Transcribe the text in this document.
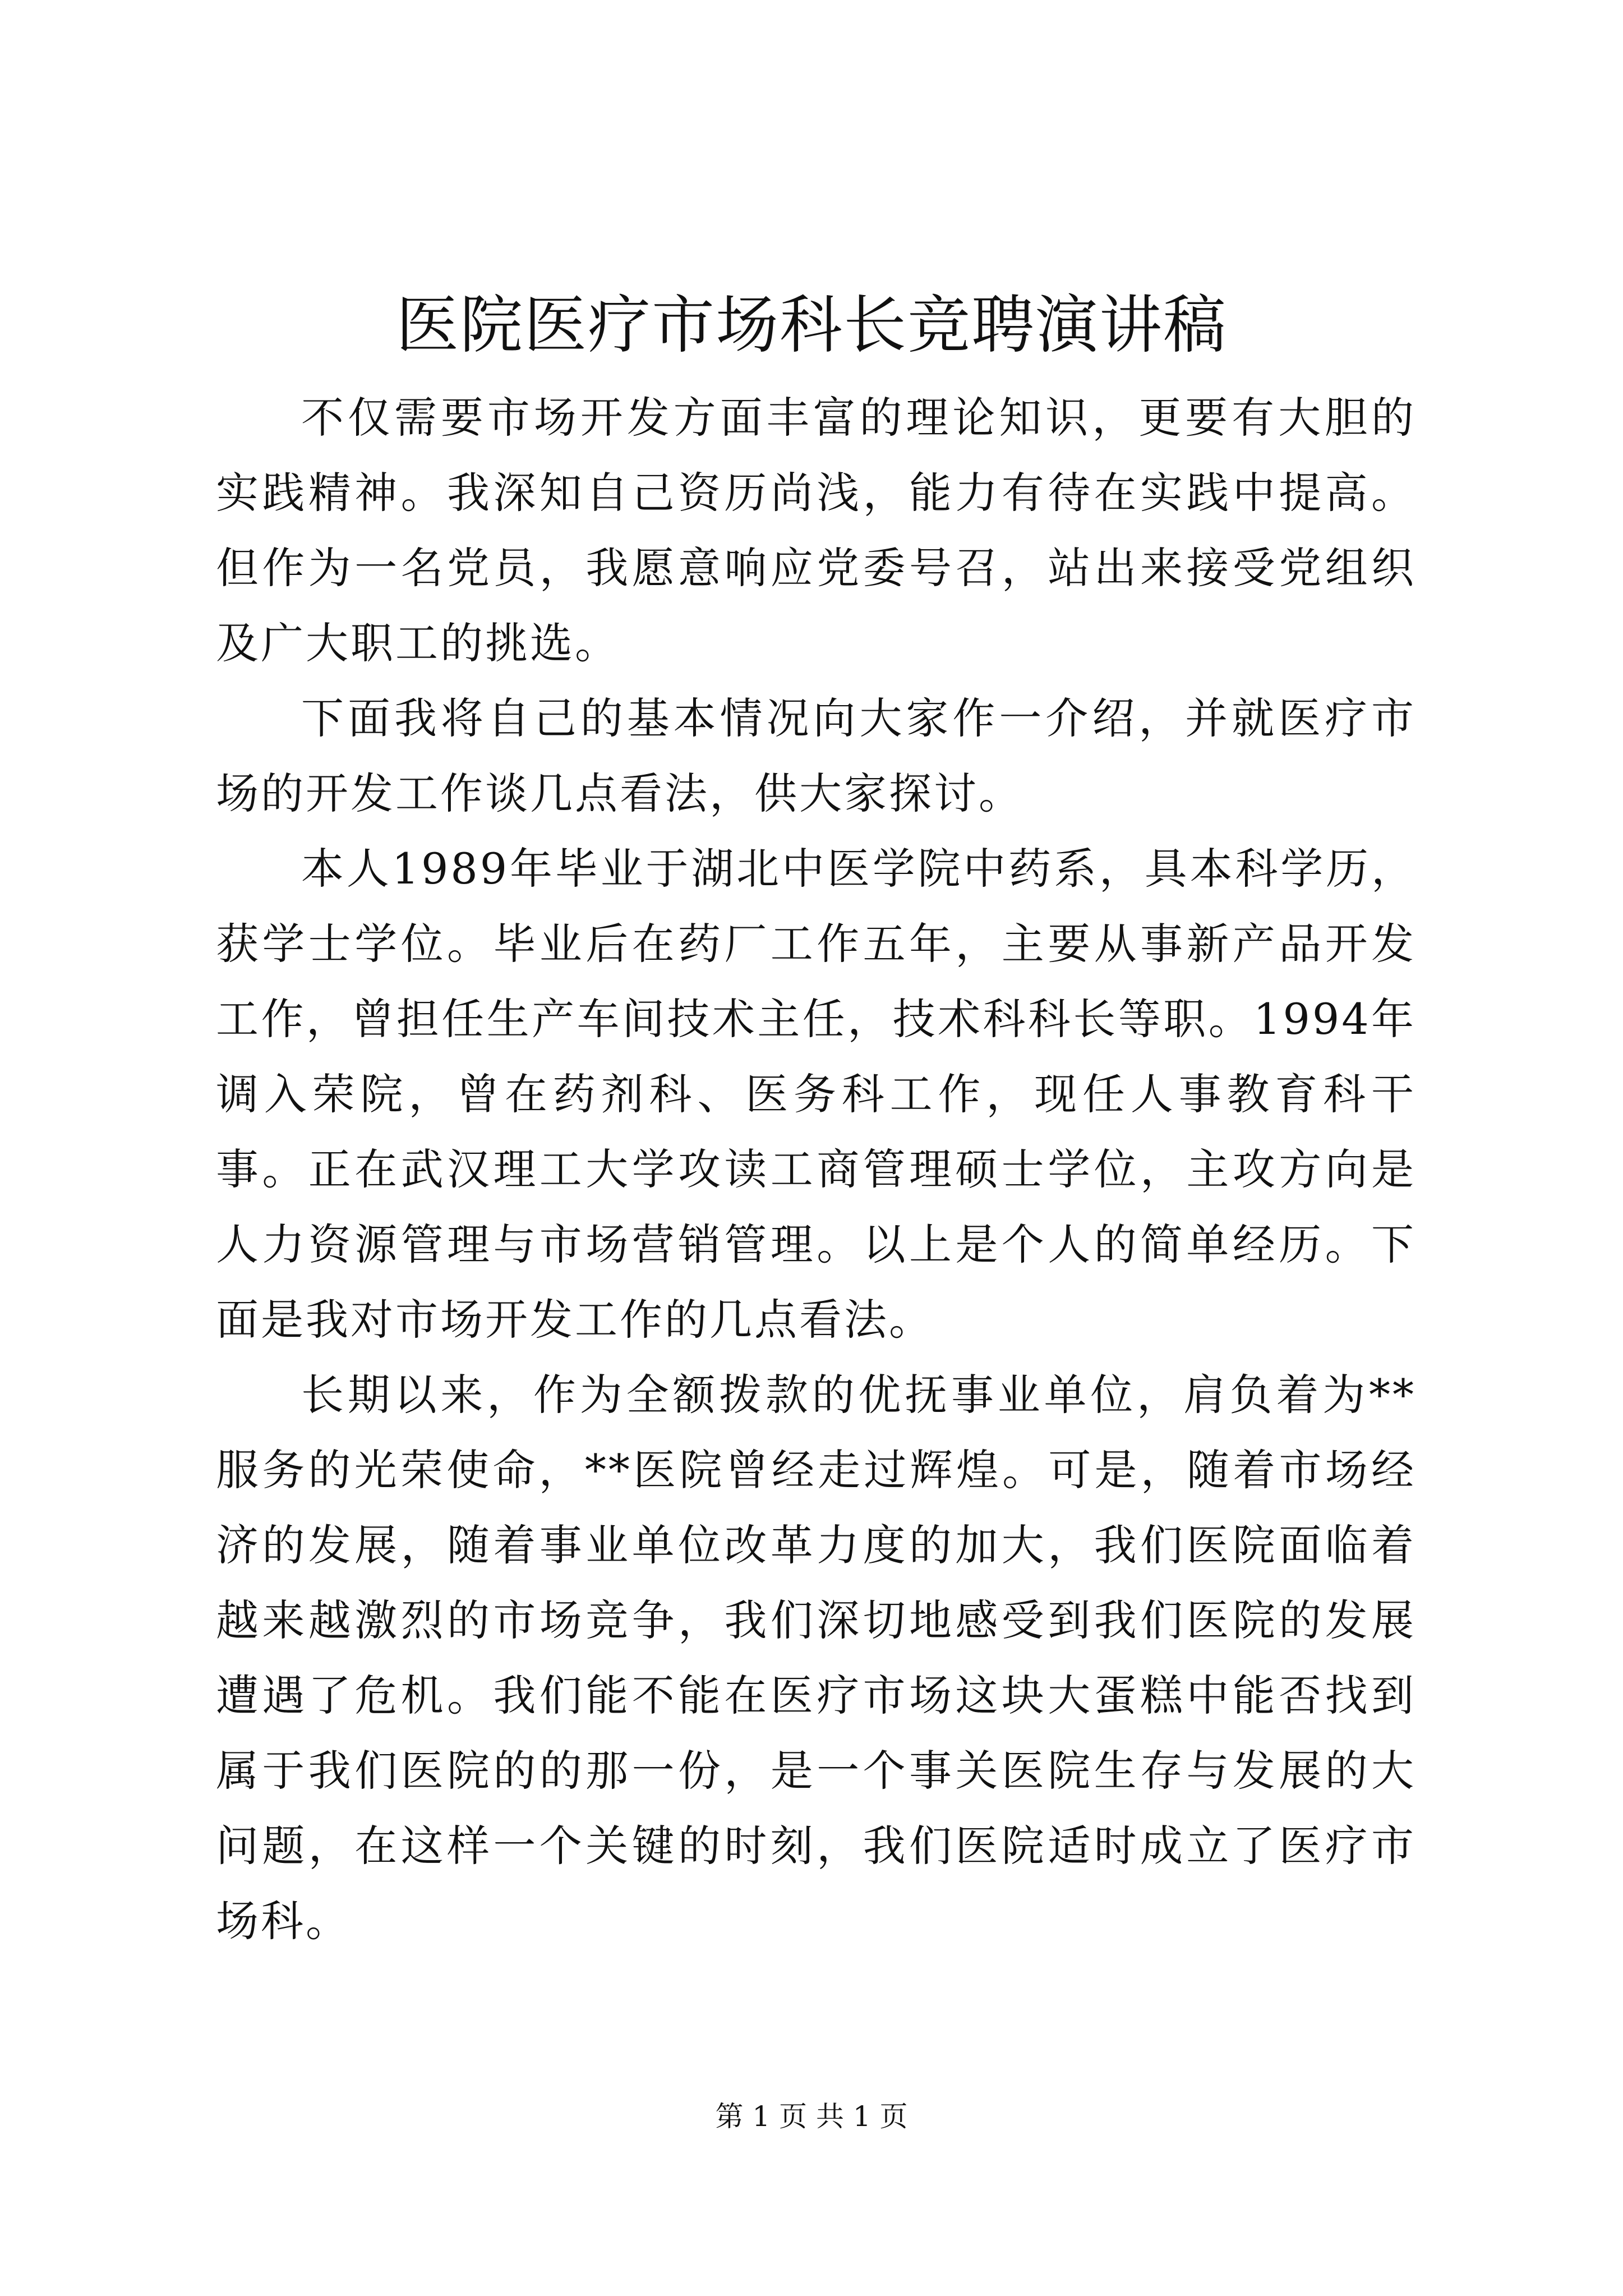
医院医疗市场科长竞聘演讲稿

不仅需要市场开发方面丰富的理论知识，更要有大胆的实践精神。我深知自己资历尚浅，能力有待在实践中提高。但作为一名党员，我愿意响应党委号召，站出来接受党组织及广大职工的挑选。

下面我将自己的基本情况向大家作一介绍，并就医疗市场的开发工作谈几点看法，供大家探讨。

本人1989年毕业于湖北中医学院中药系，具本科学历，获学士学位。毕业后在药厂工作五年，主要从事新产品开发工作，曾担任生产车间技术主任，技术科科长等职。1994年调入荣院，曾在药剂科、医务科工作，现任人事教育科干事。正在武汉理工大学攻读工商管理硕士学位，主攻方向是人力资源管理与市场营销管理。以上是个人的简单经历。下面是我对市场开发工作的几点看法。

长期以来，作为全额拨款的优抚事业单位，肩负着为**服务的光荣使命，**医院曾经走过辉煌。可是，随着市场经济的发展，随着事业单位改革力度的加大，我们医院面临着越来越激烈的市场竞争，我们深切地感受到我们医院的发展遭遇了危机。我们能不能在医疗市场这块大蛋糕中能否找到属于我们医院的的那一份，是一个事关医院生存与发展的大问题，在这样一个关键的时刻，我们医院适时成立了医疗市场科。

第 1 页 共 1 页
